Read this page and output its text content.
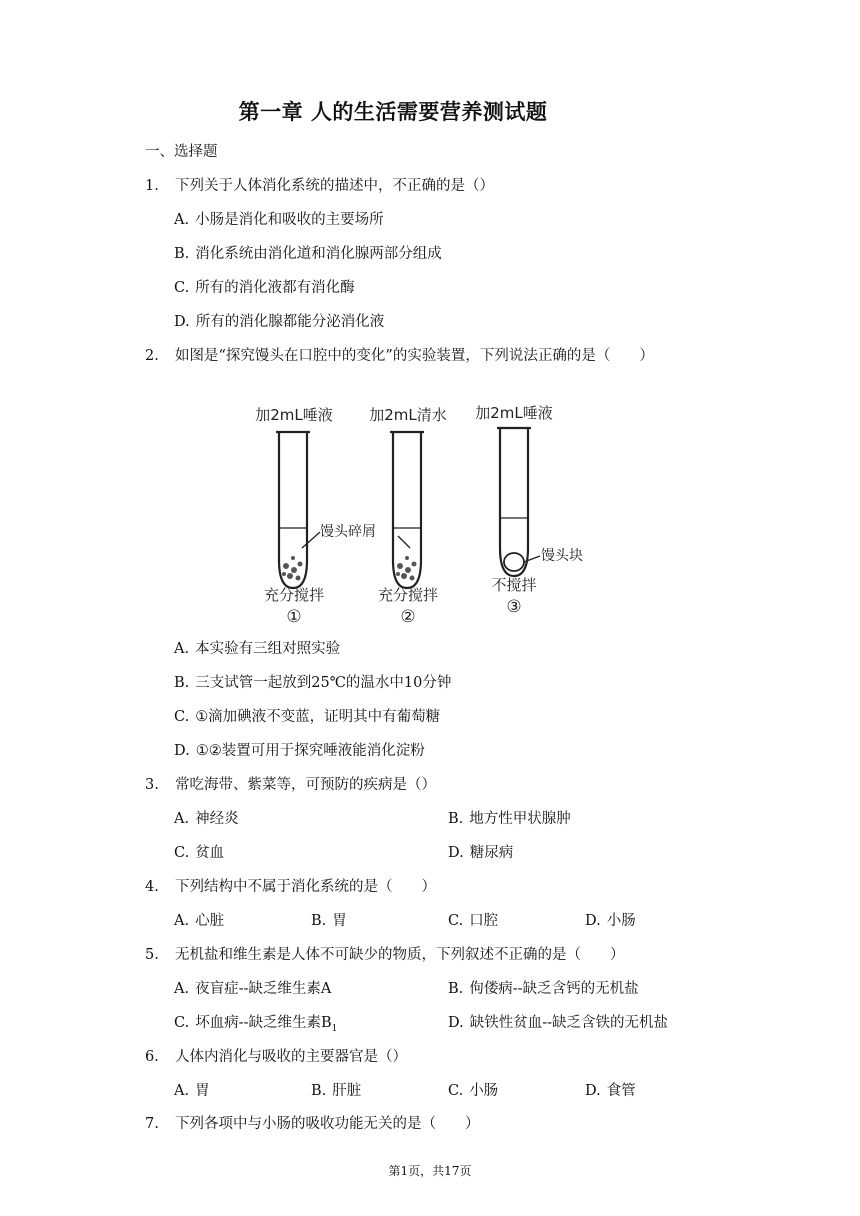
第一章 人的生活需要营养测试题
一、选择题
1. 下列关于人体消化系统的描述中，不正确的是（）
A. 小肠是消化和吸收的主要场所
B. 消化系统由消化道和消化腺两部分组成
C. 所有的消化液都有消化酶
D. 所有的消化腺都能分泌消化液
2. 如图是“探究馒头在口腔中的变化”的实验装置，下列说法正确的是（　　）
加2mL唾液 加2mL清水 加2mL唾液
馒头碎屑
馒头块
充分搅拌	充分搅拌
不搅拌
①	②	③
A. 本实验有三组对照实验
B. 三支试管一起放到25℃的温水中10分钟
C. ①滴加碘液不变蓝，证明其中有葡萄糖
D. ①②装置可用于探究唾液能消化淀粉
3. 常吃海带、紫菜等，可预防的疾病是（）
A. 神经炎	B. 地方性甲状腺肿
C. 贫血	D. 糖尿病
4. 下列结构中不属于消化系统的是（　　）
A. 心脏	B. 胃	C. 口腔	D. 小肠
5. 无机盐和维生素是人体不可缺少的物质，下列叙述不正确的是（　　）
A. 夜盲症--缺乏维生素A	B. 佝偻病--缺乏含钙的无机盐
C. 坏血病--缺乏维生素$B_1$	D. 缺铁性贫血--缺乏含铁的无机盐
6. 人体内消化与吸收的主要器官是（）
A. 胃	B. 肝脏	C. 小肠	D. 食管
7. 下列各项中与小肠的吸收功能无关的是（　　）
第1页，共17页
